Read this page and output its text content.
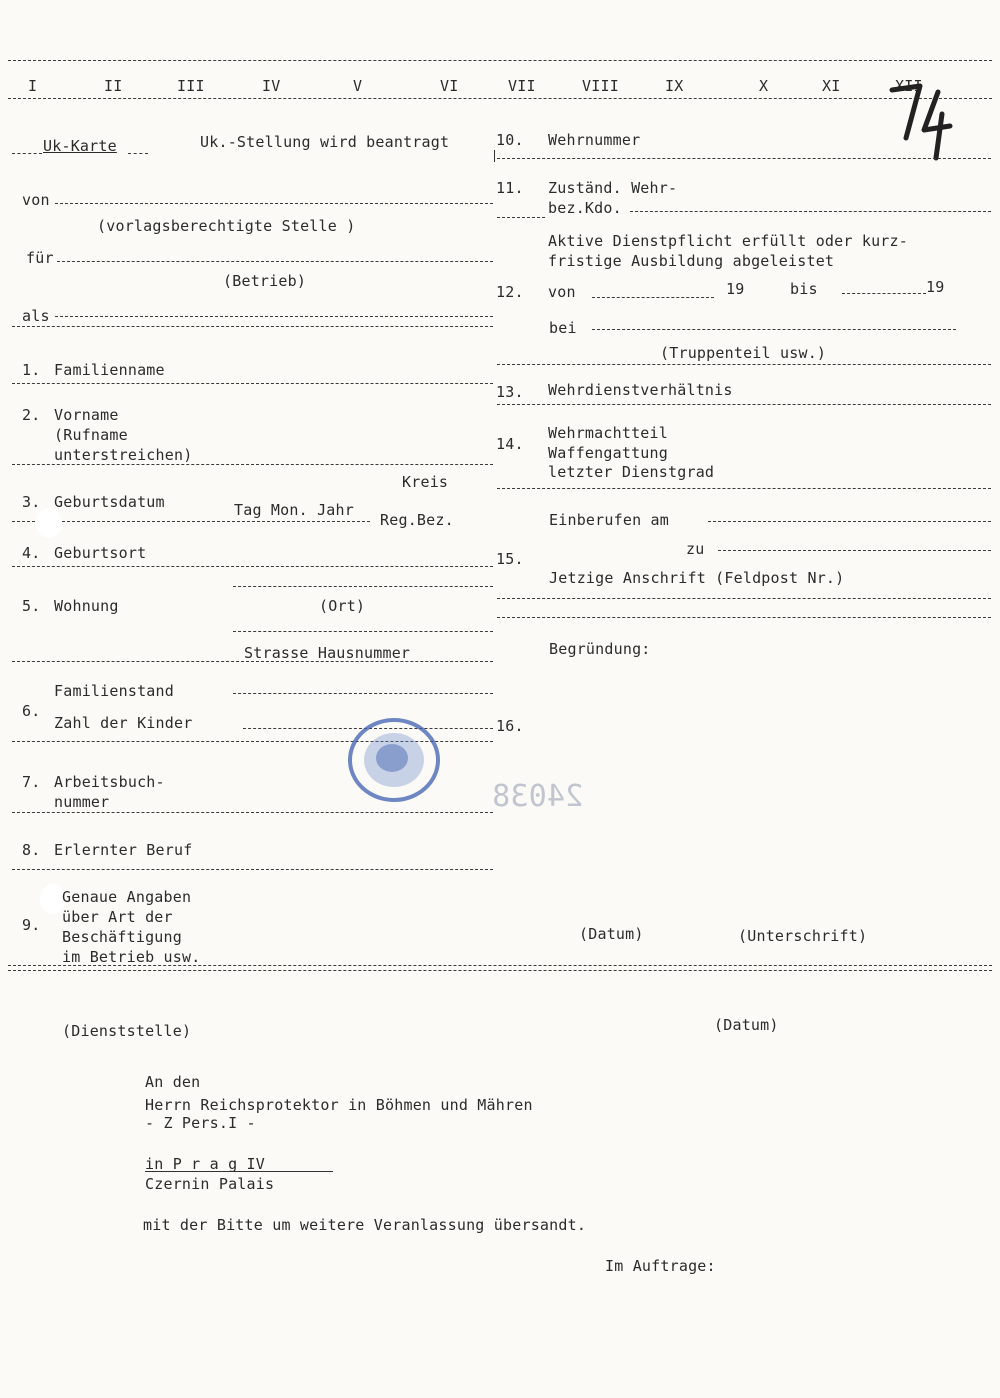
I	II	III	IV	V	VI	VII	VIII	IX	X	XI	XII
Uk-Karte	Uk.-Stellung wird beantragt
von
(vorlagsberechtigte Stelle )
für
(Betrieb)
als
1. Familienname
2. Vorname
(Rufname
unterstreichen)
Kreis
3. Geburtsdatum	Tag Mon. Jahr
Reg.Bez.
4. Geburtsort
5. Wohnung	(Ort)
Strasse Hausnummer
Familienstand
6.
Zahl der Kinder
7. Arbeitsbuch-
nummer
8. Erlernter Beruf
Genaue Angaben
über Art der
9.
Beschäftigung
im Betrieb usw.
10. Wehrnummer
11. Zuständ. Wehr-
bez.Kdo.
Aktive Dienstpflicht erfüllt oder kurz-
fristige Ausbildung abgeleistet
12. von	19	bis	19
bei
(Truppenteil usw.)
13. Wehrdienstverhältnis
14.
Wehrmachtteil
Waffengattung
letzter Dienstgrad
Einberufen am
zu
15.
Jetzige Anschrift (Feldpost Nr.)
Begründung:
16.
24038
(Datum)	(Unterschrift)
(Dienststelle)	(Datum)
An den
Herrn Reichsprotektor in Böhmen und Mähren
- Z Pers.I -
in P r a g IV
Czernin Palais
mit der Bitte um weitere Veranlassung übersandt.
Im Auftrage:
